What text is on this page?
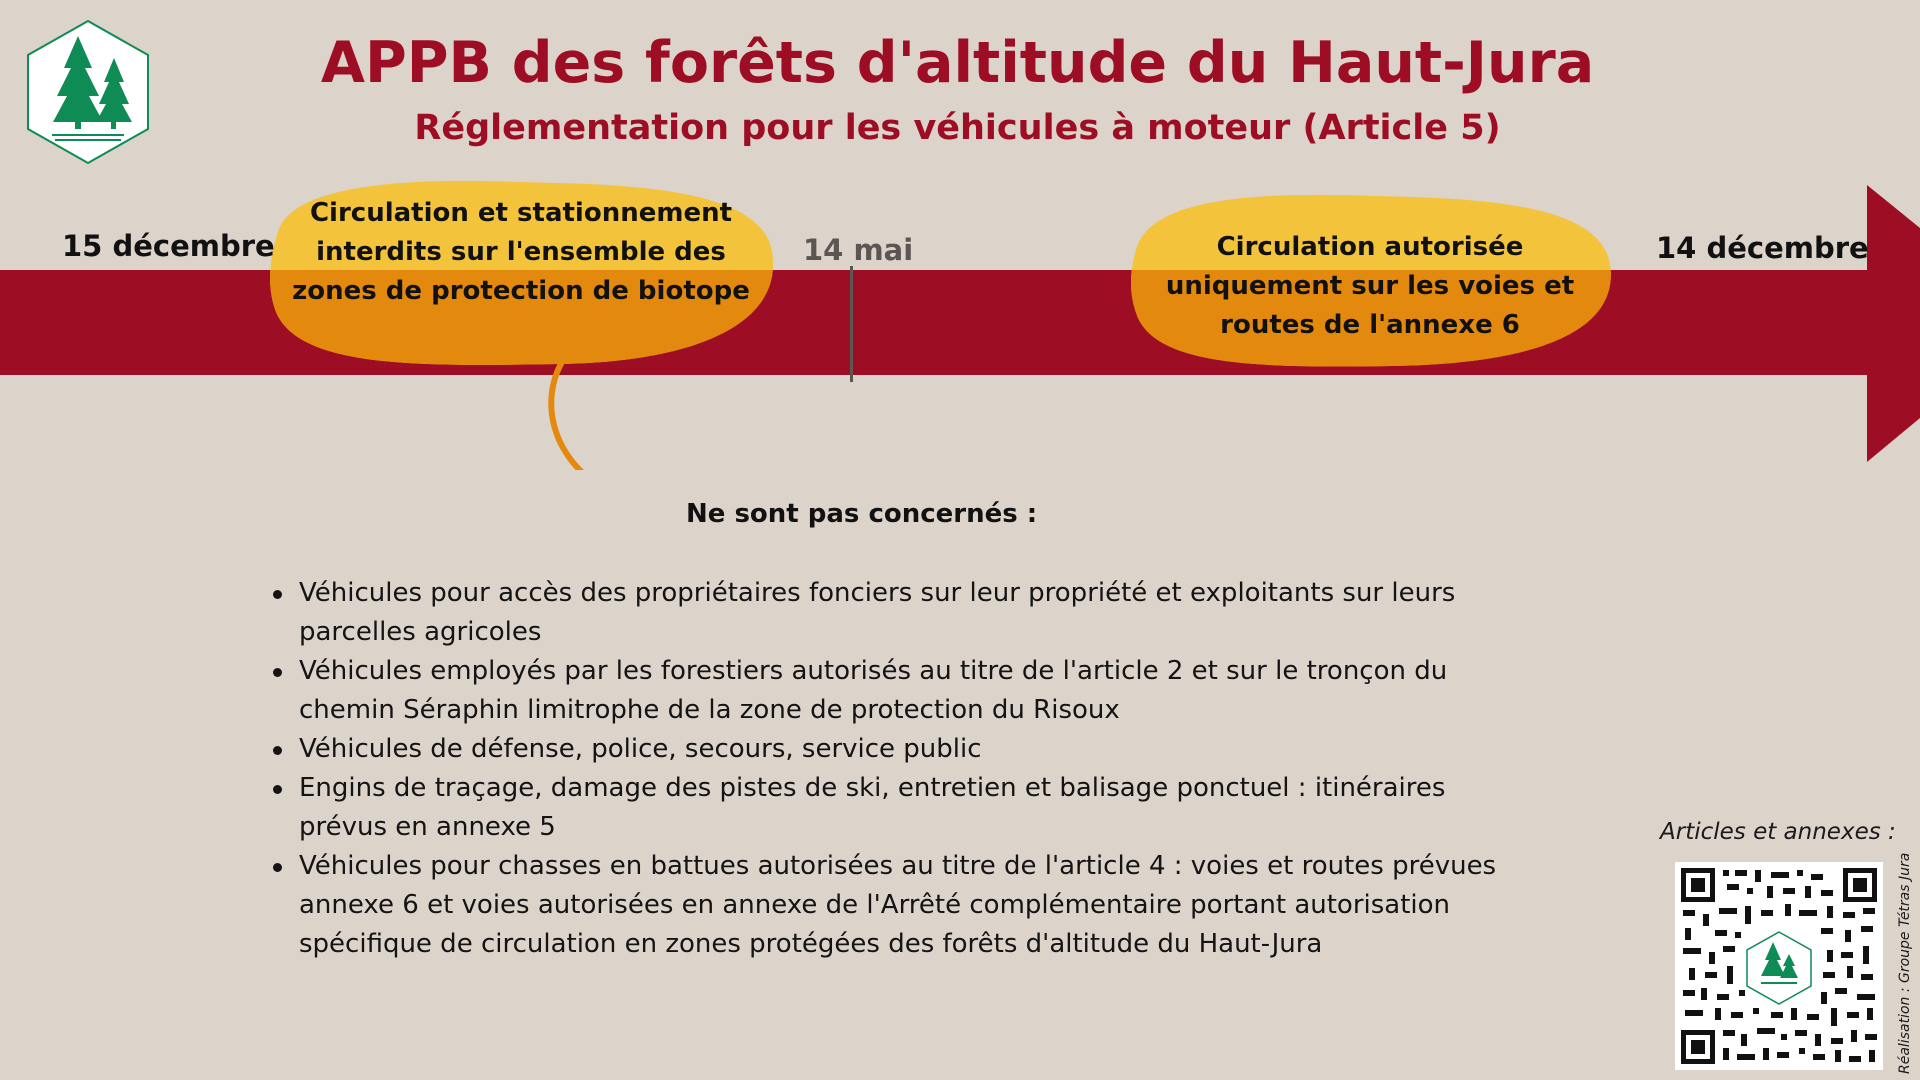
APPB des forêts d'altitude du Haut-Jura
Réglementation pour les véhicules à moteur (Article 5)
15 décembre	14 mai	14 décembre
Circulation et stationnement interdits sur l'ensemble des zones de protection de biotope
Circulation autorisée uniquement sur les voies et routes de l'annexe 6
Ne sont pas concernés :
Véhicules pour accès des propriétaires fonciers sur leur propriété et exploitants sur leurs parcelles agricoles
Véhicules employés par les forestiers autorisés au titre de l'article 2 et sur le tronçon du chemin Séraphin limitrophe de la zone de protection du Risoux
Véhicules de défense, police, secours, service public
Engins de traçage, damage des pistes de ski, entretien et balisage ponctuel : itinéraires prévus en annexe 5
Véhicules pour chasses en battues autorisées au titre de l'article 4 : voies et routes prévues annexe 6 et voies autorisées en annexe de l'Arrêté complémentaire portant autorisation spécifique de circulation en zones protégées des forêts d'altitude du Haut-Jura
Articles et annexes :
Réalisation : Groupe Tétras Jura
